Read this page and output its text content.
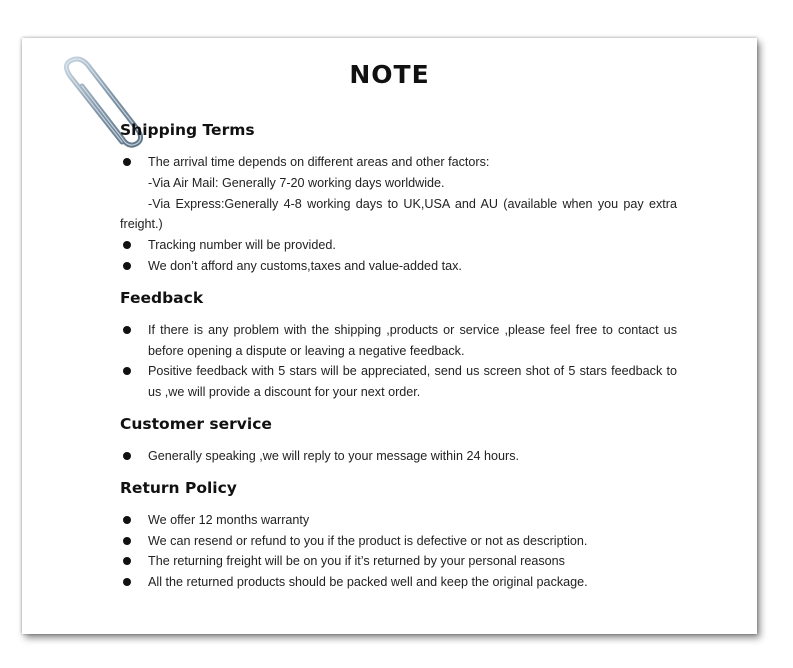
NOTE
Shipping Terms
The arrival time depends on different areas and other factors:
-Via Air Mail: Generally 7-20 working days worldwide.
-Via Express:Generally 4-8 working days to UK,USA and AU (available when you pay extra
freight.)
Tracking number will be provided.
We don’t afford any customs,taxes and value-added tax.
Feedback
If there is any problem with the shipping ,products or service ,please feel free to contact us before opening a dispute or leaving a negative feedback.
Positive feedback with 5 stars will be appreciated, send us screen shot of 5 stars feedback to us ,we will provide a discount for your next order.
Customer service
Generally speaking ,we will reply to your message within 24 hours.
Return Policy
We offer 12 months warranty
We can resend or refund to you if the product is defective or not as description.
The returning freight will be on you if it’s returned by your personal reasons
All the returned products should be packed well and keep the original package.
